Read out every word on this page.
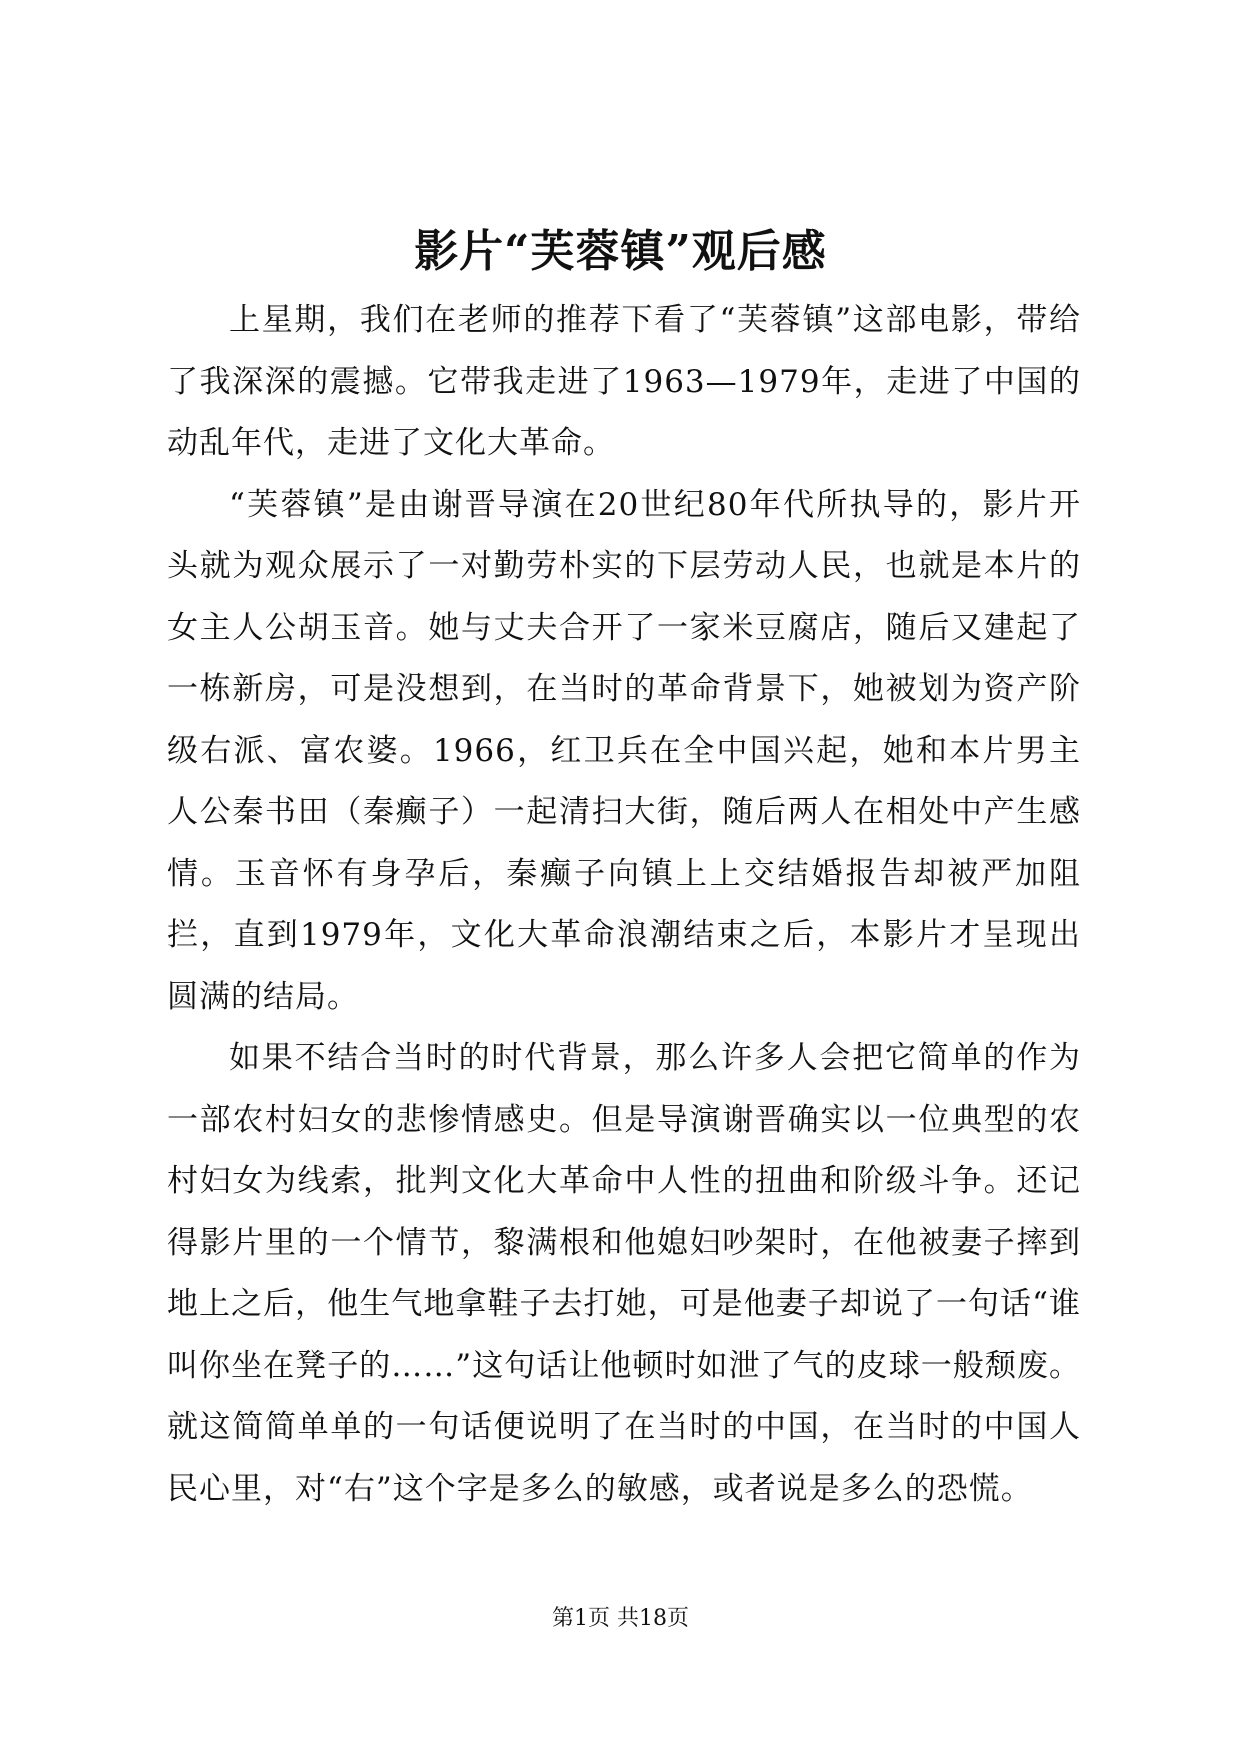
影片“芙蓉镇”观后感

上星期，我们在老师的推荐下看了“芙蓉镇”这部电影，带给了我深深的震撼。它带我走进了1963—1979年，走进了中国的动乱年代，走进了文化大革命。

“芙蓉镇”是由谢晋导演在20世纪80年代所执导的，影片开头就为观众展示了一对勤劳朴实的下层劳动人民，也就是本片的女主人公胡玉音。她与丈夫合开了一家米豆腐店，随后又建起了一栋新房，可是没想到，在当时的革命背景下，她被划为资产阶级右派、富农婆。1966，红卫兵在全中国兴起，她和本片男主人公秦书田（秦癫子）一起清扫大街，随后两人在相处中产生感情。玉音怀有身孕后，秦癫子向镇上上交结婚报告却被严加阻拦，直到1979年，文化大革命浪潮结束之后，本影片才呈现出圆满的结局。

如果不结合当时的时代背景，那么许多人会把它简单的作为一部农村妇女的悲惨情感史。但是导演谢晋确实以一位典型的农村妇女为线索，批判文化大革命中人性的扭曲和阶级斗争。还记得影片里的一个情节，黎满根和他媳妇吵架时，在他被妻子摔到地上之后，他生气地拿鞋子去打她，可是他妻子却说了一句话“谁叫你坐在凳子的……”这句话让他顿时如泄了气的皮球一般颓废。就这简简单单的一句话便说明了在当时的中国，在当时的中国人民心里，对“右”这个字是多么的敏感，或者说是多么的恐慌。

第1页 共18页
